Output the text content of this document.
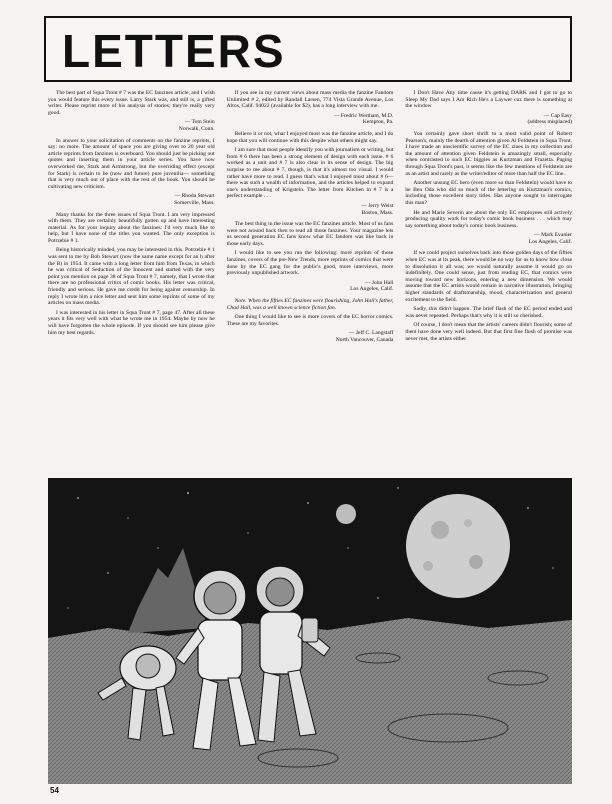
LETTERS

The best part of Squa Tront # 7 was the EC fanzines article, and I wish you would feature this every issue. Larry Stark was, and still is, a gifted writer. Please reprint more of his analysis of stories; they're really very good.

— Tom Stein

Norwalk, Conn.

In answer to your solicitation of comments on the fanzine reprints, I say: no more. The amount of space you are giving over to 20 year old article reprints from fanzines is overboard. You should just be picking out quotes and inserting them in your article series. You have now overworked me, Stark and Armstrong, but the overriding effect (except for Stark) is certain to be (now and future) pure juvenilia— something that is very much out of place with the rest of the book. You should be cultivating new criticism.

— Rhoda Stewart

Somerville, Mass.

Many thanks for the three issues of Squa Tront. I am very impressed with them. They are certainly beautifully gotten up and have interesting material. As for your inquiry about the fanzines: I'd very much like to help, but I have none of the titles you wanted. The only exception is Potrzebie # 1.

Being historically minded, you may be interested in this. Potrzebie # 1 was sent to me by Bob Stewart (now the same name except for an h after the B) in 1954. It came with a long letter from him from Texas, in which he was critical of Seduction of the Innocent and started with the very point you mention on page 38 of Squa Tront # 7, namely, that I wrote that there are no professional critics of comic books. His letter was critical, friendly and serious. He gave me credit for being against censorship. In reply I wrote him a nice letter and sent him some reprints of some of my articles on mass media.

I was interested in his letter in Squa Tront # 7, page 47. After all these years it fits very well with what he wrote me in 1954. Maybe by now he will have forgotten the whole episode. If you should see him please give him my best regards.

If you see in my current views about mass media the fanzine Fandom Unlimited # 2, edited by Randall Larsen, 774 Vista Grande Avenue, Los Altos, Calif. 94022 (available for $2), has a long interview with me.

— Fredric Wertham, M.D.

Kempton, Pa.

Believe it or not, what I enjoyed most was the fanzine article, and I do hope that you will continue with this despite what others might say.

I am sure that most people identify you with journalism or writing, but from # 6 there has been a strong element of design with each issue. # 6 worked as a unit and # 7 is also clear in its sense of design. The big surprise to me about # 7, though, is that it's almost too visual. I would rather have more to read. I guess that's what I enjoyed most about # 6—there was such a wealth of information, and the articles helped to expand one's understanding of Krigstein. The letter from Kitchen in # 7 is a perfect example . . .

— Jerry Weist

Boston, Mass.

The best thing in the issue was the EC fanzines article. Most of us fans were not around back then to read all those fanzines. Your magazine lets us second generation EC fans know what EC fandom was like back in those early days.

I would like to see you run the following: more reprints of those fanzines, covers of the pre-New Trends, more reprints of comics that were done by the EC gang for the public's good, more interviews, more previously unpublished artwork.

— John Hall

Los Angeles, Calif.

Note. When the fifties EC fanzines were flourishing, John Hall's father, Chad Hall, was a well known science fiction fan.

One thing I would like to see is more covers of the EC horror comics. These are my favorites.

— Jeff C. Langstaff

North Vancouver, Canada

I Don't Have Any time cause it's getting DARK and I got to go to Sleep My Dad says I Am Rich He's a Laywer cuz there is something at the window

— Cap Easy

(address misplaced)

You certainly gave short shrift to a most valid point of Robert Pearson's, mainly the dearth of attention given Al Feldstein in Squa Tront. I have made an unscientific survey of the EC zines in my collection and the amount of attention given Feldstein is amazingly small, especially when contrasted to such EC biggies as Kurtzman and Frazetta. Paging through Squa Tront's past, it seems like the few mentions of Feldstein are as an artist and rarely as the writer/editor of more than half the EC line.

Another unsung EC hero (even more so than Feldstein) would have to be Ben Oda who did so much of the lettering on Kurtzman's comics, including those excellent story titles. Has anyone sought to interrogate this man?

He and Marie Severin are about the only EC employees still actively producing quality work for today's comic book business . . . which may say something about today's comic book business.

— Mark Evanier

Los Angeles, Calif.

If we could project ourselves back into those golden days of the fifties when EC was at its peak, there would be no way for us to know how close to dissolution it all was; we would naturally assume it would go on indefinitely. One could sense, just from reading EC, that comics were moving toward new horizons, entering a new dimension. We would assume that the EC artists would remain in narrative illustration, bringing higher standards of draftsmanship, mood, characterization and general excitement to the field.

Sadly, this didn't happen. The brief flash of the EC period ended and was never repeated. Perhaps that's why it is still so cherished.

Of course, I don't mean that the artists' careers didn't flourish; some of them have done very well indeed. But that first fine flush of promise was never met, the artists either

54
